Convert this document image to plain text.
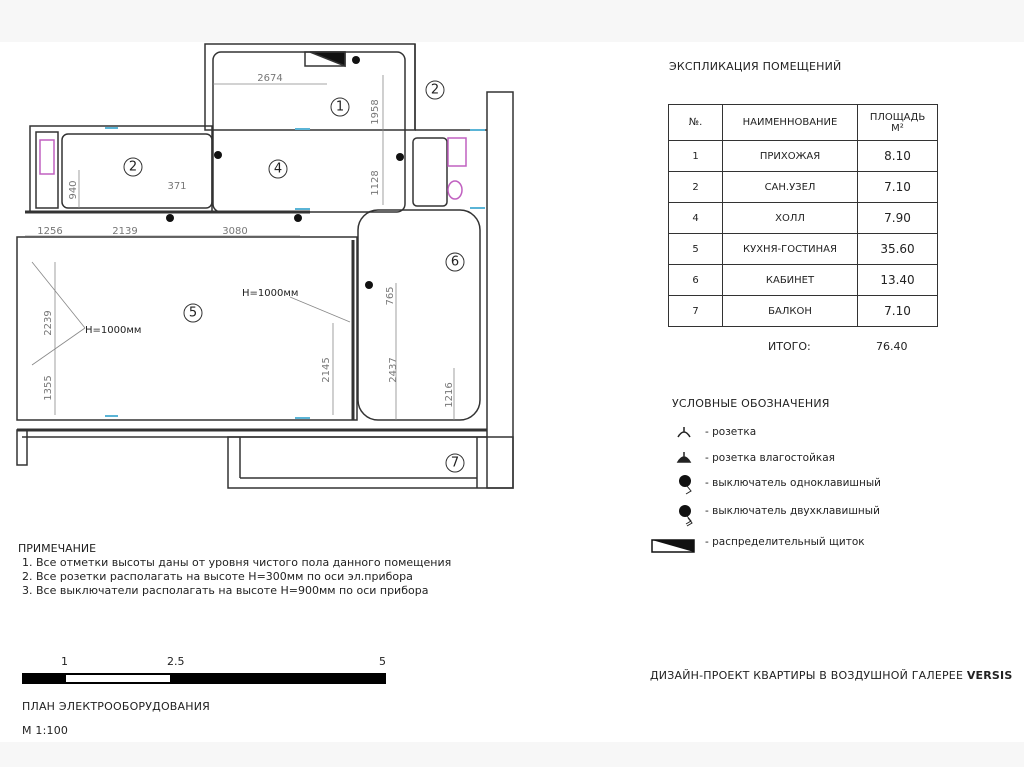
1
2
2	4
5
6
7
2674
1958
1128
940	371
1256	2139	3080
2239
1355
765
2145	2437
1216
H=1000мм
H=1000мм
ЭКСПЛИКАЦИЯ ПОМЕЩЕНИЙ
№.	НАИМЕННОВАНИЕ	ПЛОЩАДЬ
М²
1	ПРИХОЖАЯ	8.10
2	САН.УЗЕЛ	7.10
4	ХОЛЛ	7.90
5	КУХНЯ-ГОСТИНАЯ	35.60
6	КАБИНЕТ	13.40
7	БАЛКОН	7.10
ИТОГО:	76.40
УСЛОВНЫЕ ОБОЗНАЧЕНИЯ
- розетка
- розетка влагостойкая
- выключатель одноклавишный
- выключатель двухклавишный
- распределительный щиток
ПРИМЕЧАНИЕ
1. Все отметки высоты даны от уровня чистого пола данного помещения
2. Все розетки располагать на высоте H=300мм по оси эл.прибора
3. Все выключатели располагать на высоте H=900мм по оси прибора
1	2.5	5
ПЛАН ЭЛЕКТРООБОРУДОВАНИЯ
М 1:100
ДИЗАЙН-ПРОЕКТ КВАРТИРЫ В ВОЗДУШНОЙ ГАЛЕРЕЕ VERSIS
